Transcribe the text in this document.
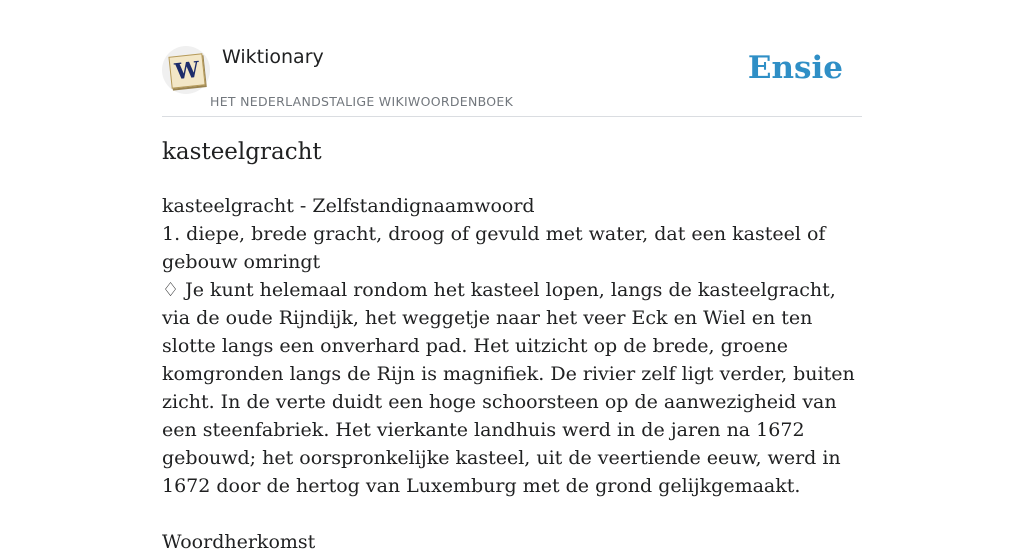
W Wiktionary
HET NEDERLANDSTALIGE WIKIWOORDENBOEK
Ensie
kasteelgracht

kasteelgracht - Zelfstandignaamwoord

1. diepe, brede gracht, droog of gevuld met water, dat een kasteel of gebouw omringt

♢ Je kunt helemaal rondom het kasteel lopen, langs de kasteelgracht, via de oude Rijndijk, het weggetje naar het veer Eck en Wiel en ten slotte langs een onverhard pad. Het uitzicht op de brede, groene komgronden langs de Rijn is magnifiek. De rivier zelf ligt verder, buiten zicht. In de verte duidt een hoge schoorsteen op de aanwezigheid van een steenfabriek. Het vierkante landhuis werd in de jaren na 1672 gebouwd; het oorspronkelijke kasteel, uit de veertiende eeuw, werd in 1672 door de hertog van Luxemburg met de grond gelijkgemaakt.

Woordherkomst
